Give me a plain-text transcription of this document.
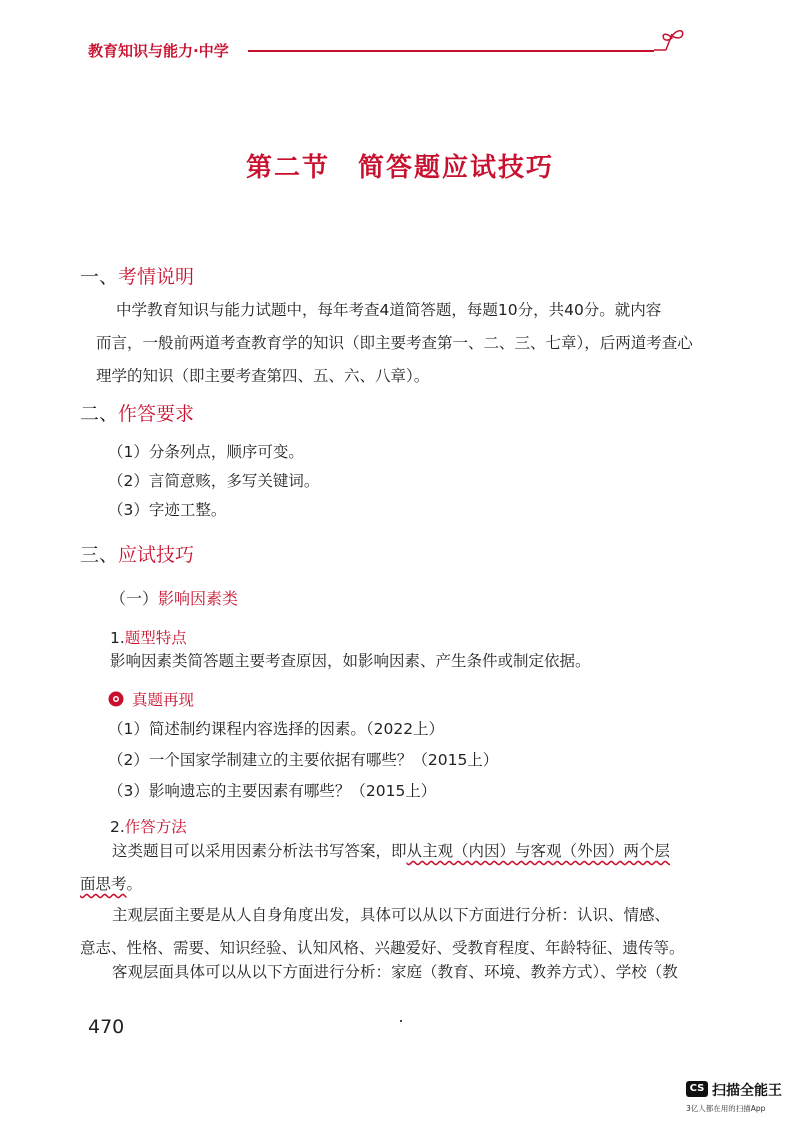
教育知识与能力·中学
第二节　简答题应试技巧
一、考情说明
中学教育知识与能力试题中，每年考查4道简答题，每题10分，共40分。就内容
而言，一般前两道考查教育学的知识（即主要考查第一、二、三、七章），后两道考查心
理学的知识（即主要考查第四、五、六、八章）。
二、作答要求
（1）分条列点，顺序可变。
（2）言简意赅，多写关键词。
（3）字迹工整。
三、应试技巧
（一）影响因素类
1.题型特点
影响因素类简答题主要考查原因，如影响因素、产生条件或制定依据。
真题再现
（1）简述制约课程内容选择的因素。（2022上）
（2）一个国家学制建立的主要依据有哪些？（2015上）
（3）影响遗忘的主要因素有哪些？（2015上）
2.作答方法
这类题目可以采用因素分析法书写答案，即从主观（内因）与客观（外因）两个层
面思考。
主观层面主要是从人自身角度出发，具体可以从以下方面进行分析：认识、情感、
意志、性格、需要、知识经验、认知风格、兴趣爱好、受教育程度、年龄特征、遗传等。
客观层面具体可以从以下方面进行分析：家庭（教育、环境、教养方式）、学校（教
470
CS 扫描全能王
3亿人都在用的扫描App
